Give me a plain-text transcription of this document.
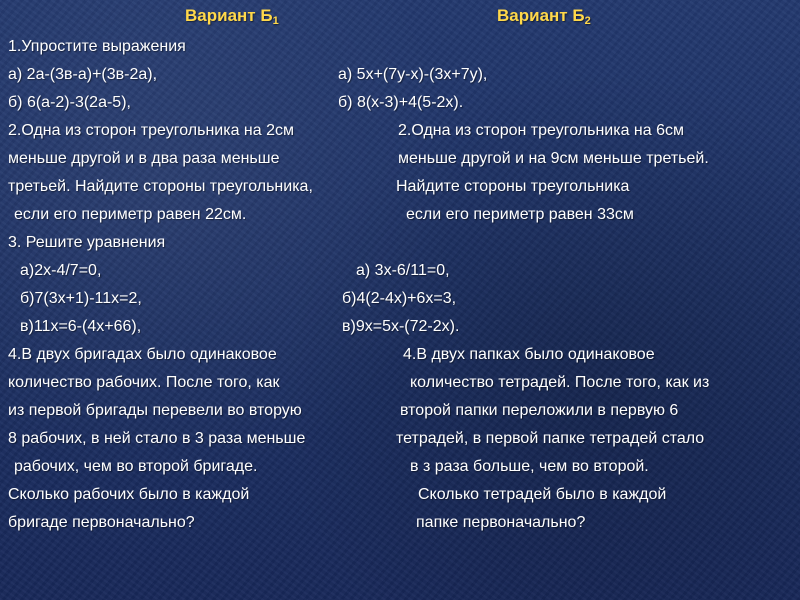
Вариант $Б_1$	Вариант $Б_2$
1.Упростите выражения
а) 2а-(3в-а)+(3в-2а),
б) 6(а-2)-3(2а-5),
2.Одна из сторон треугольника на 2см
меньше другой и в два раза меньше
третьей. Найдите стороны треугольника,
если его периметр равен 22см.
3. Решите уравнения
а)2х-4/7=0,
б)7(3х+1)-11х=2,
в)11х=6-(4х+66),
4.В двух бригадах было одинаковое
количество рабочих. После того, как
из первой бригады перевели во вторую
8 рабочих, в ней стало в 3 раза меньше
рабочих, чем во второй бригаде.
Сколько рабочих было в каждой
бригаде первоначально?
а) 5х+(7у-х)-(3х+7у),
б) 8(х-3)+4(5-2х).
2.Одна из сторон треугольника на 6см
меньше другой и на 9см меньше третьей.
Найдите стороны треугольника
если его периметр равен 33см
а) 3х-6/11=0,
б)4(2-4х)+6х=3,
в)9х=5х-(72-2х).
4.В двух папках было одинаковое
количество тетрадей. После того, как из
второй папки переложили в первую 6
тетрадей, в первой папке тетрадей стало
в з раза больше, чем во второй.
Сколько тетрадей было в каждой
папке первоначально?
